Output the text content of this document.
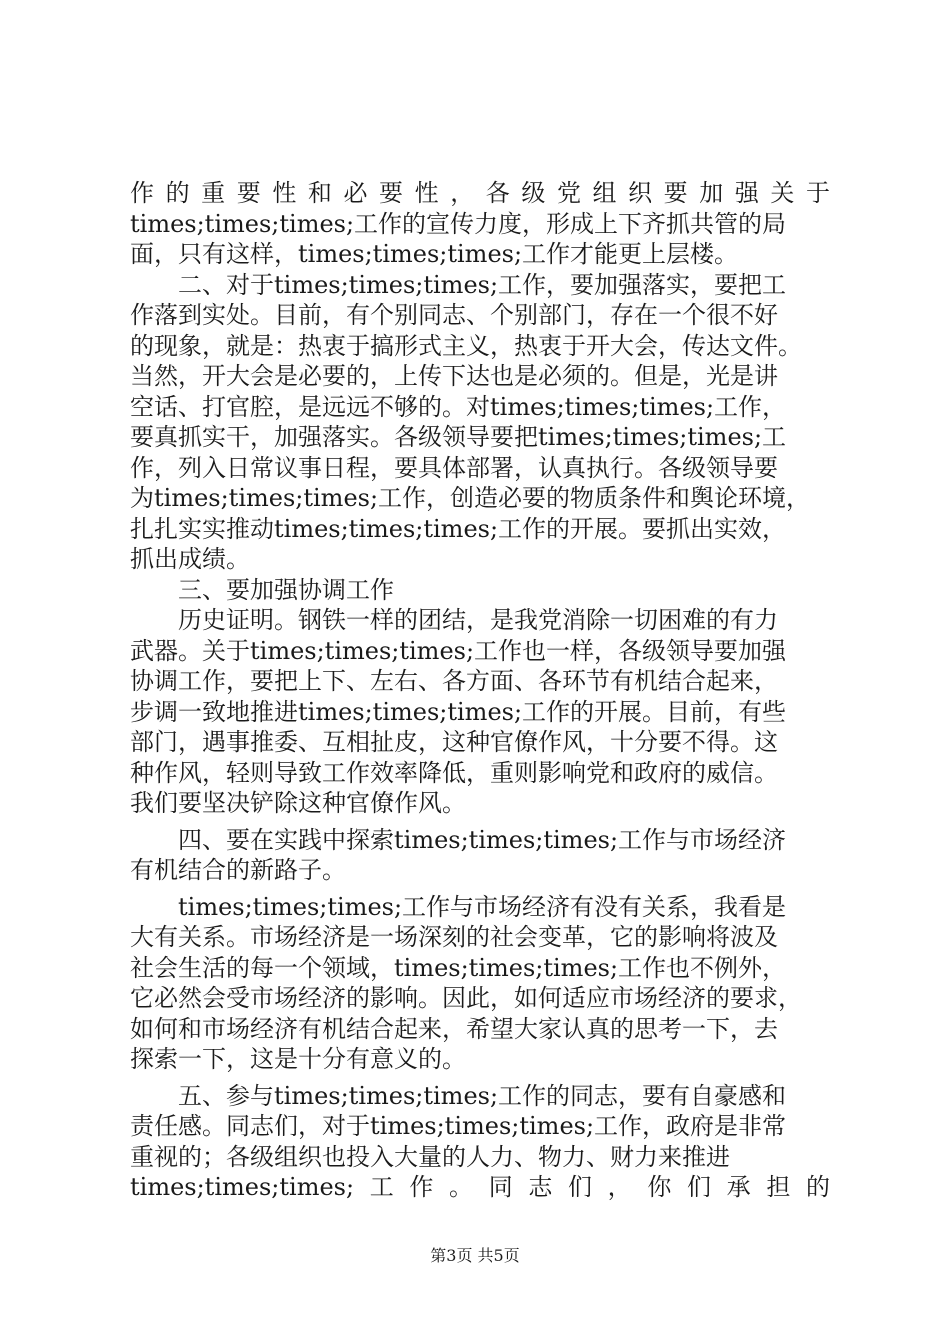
作的重要性和必要性，各级党组织要加强关于
times;times;times;工作的宣传力度，形成上下齐抓共管的局
面，只有这样，times;times;times;工作才能更上层楼。
　　二、对于times;times;times;工作，要加强落实，要把工
作落到实处。目前，有个别同志、个别部门，存在一个很不好
的现象，就是：热衷于搞形式主义，热衷于开大会，传达文件。
当然，开大会是必要的，上传下达也是必须的。但是，光是讲
空话、打官腔，是远远不够的。对times;times;times;工作，
要真抓实干，加强落实。各级领导要把times;times;times;工
作，列入日常议事日程，要具体部署，认真执行。各级领导要
为times;times;times;工作，创造必要的物质条件和舆论环境，
扎扎实实推动times;times;times;工作的开展。要抓出实效，
抓出成绩。
　　三、要加强协调工作
　　历史证明。钢铁一样的团结，是我党消除一切困难的有力
武器。关于times;times;times;工作也一样，各级领导要加强
协调工作，要把上下、左右、各方面、各环节有机结合起来，
步调一致地推进times;times;times;工作的开展。目前，有些
部门，遇事推委、互相扯皮，这种官僚作风，十分要不得。这
种作风，轻则导致工作效率降低，重则影响党和政府的威信。
我们要坚决铲除这种官僚作风。
　　四、要在实践中探索times;times;times;工作与市场经济
有机结合的新路子。
　　times;times;times;工作与市场经济有没有关系，我看是
大有关系。市场经济是一场深刻的社会变革，它的影响将波及
社会生活的每一个领域，times;times;times;工作也不例外，
它必然会受市场经济的影响。因此，如何适应市场经济的要求，
如何和市场经济有机结合起来，希望大家认真的思考一下，去
探索一下，这是十分有意义的。
　　五、参与times;times;times;工作的同志，要有自豪感和
责任感。同志们，对于times;times;times;工作，政府是非常
重视的；各级组织也投入大量的人力、物力、财力来推进
times;times;times;工作。同志们，你们承担的
第3页 共5页
